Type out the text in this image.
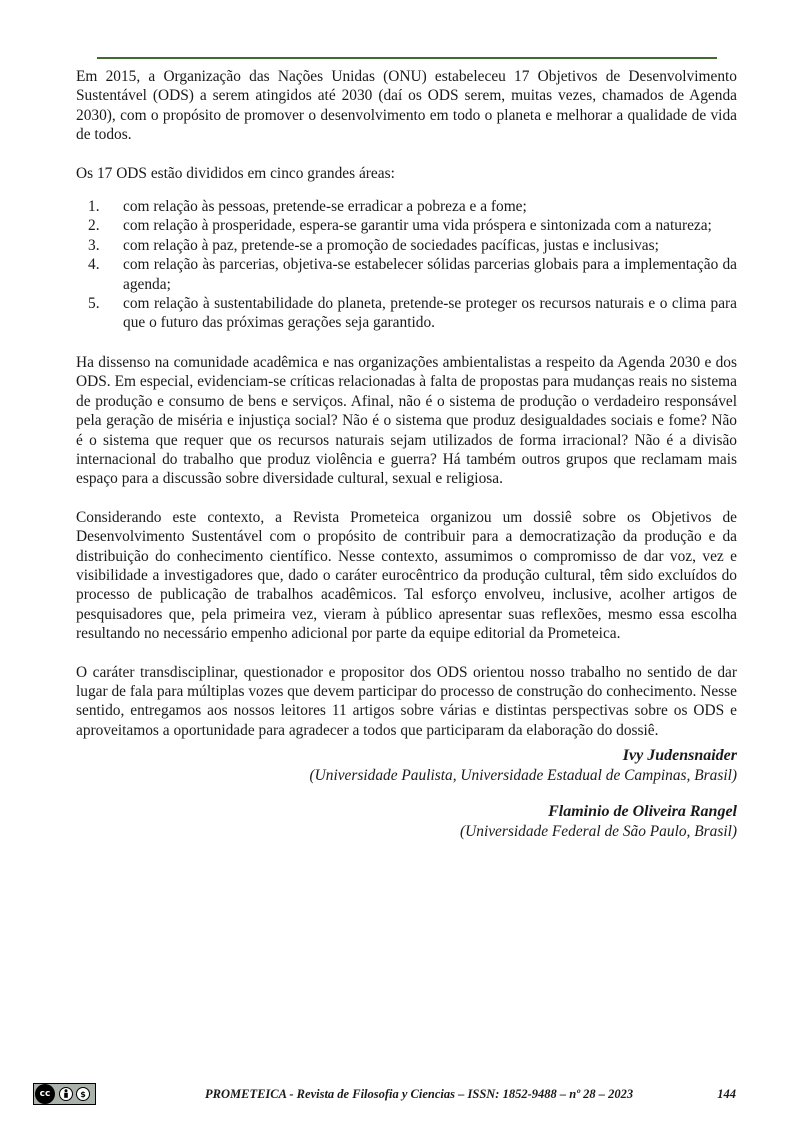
Em 2015, a Organização das Nações Unidas (ONU) estabeleceu 17 Objetivos de Desenvolvimento Sustentável (ODS) a serem atingidos até 2030 (daí os ODS serem, muitas vezes, chamados de Agenda 2030), com o propósito de promover o desenvolvimento em todo o planeta e melhorar a qualidade de vida de todos.

Os 17 ODS estão divididos em cinco grandes áreas:

1.	com relação às pessoas, pretende-se erradicar a pobreza e a fome;
2.	com relação à prosperidade, espera-se garantir uma vida próspera e sintonizada com a natureza;
3.	com relação à paz, pretende-se a promoção de sociedades pacíficas, justas e inclusivas;
4.	com relação às parcerias, objetiva-se estabelecer sólidas parcerias globais para a implementação da agenda;
5.	com relação à sustentabilidade do planeta, pretende-se proteger os recursos naturais e o clima para que o futuro das próximas gerações seja garantido.

Ha dissenso na comunidade acadêmica e nas organizações ambientalistas a respeito da Agenda 2030 e dos ODS. Em especial, evidenciam-se críticas relacionadas à falta de propostas para mudanças reais no sistema de produção e consumo de bens e serviços. Afinal, não é o sistema de produção o verdadeiro responsável pela geração de miséria e injustiça social? Não é o sistema que produz desigualdades sociais e fome? Não é o sistema que requer que os recursos naturais sejam utilizados de forma irracional? Não é a divisão internacional do trabalho que produz violência e guerra? Há também outros grupos que reclamam mais espaço para a discussão sobre diversidade cultural, sexual e religiosa.

Considerando este contexto, a Revista Prometeica organizou um dossiê sobre os Objetivos de Desenvolvimento Sustentável com o propósito de contribuir para a democratização da produção e da distribuição do conhecimento científico. Nesse contexto, assumimos o compromisso de dar voz, vez e visibilidade a investigadores que, dado o caráter eurocêntrico da produção cultural, têm sido excluídos do processo de publicação de trabalhos acadêmicos. Tal esforço envolveu, inclusive, acolher artigos de pesquisadores que, pela primeira vez, vieram à público apresentar suas reflexões, mesmo essa escolha resultando no necessário empenho adicional por parte da equipe editorial da Prometeica.

O caráter transdisciplinar, questionador e propositor dos ODS orientou nosso trabalho no sentido de dar lugar de fala para múltiplas vozes que devem participar do processo de construção do conhecimento. Nesse sentido, entregamos aos nossos leitores 11 artigos sobre várias e distintas perspectivas sobre os ODS e aproveitamos a oportunidade para agradecer a todos que participaram da elaboração do dossiê.

Ivy Judensnaider
(Universidade Paulista, Universidade Estadual de Campinas, Brasil)
Flaminio de Oliveira Rangel
(Universidade Federal de São Paulo, Brasil)
cc	$	PROMETEICA - Revista de Filosofia y Ciencias – ISSN: 1852-9488 – nº 28 – 2023	144
